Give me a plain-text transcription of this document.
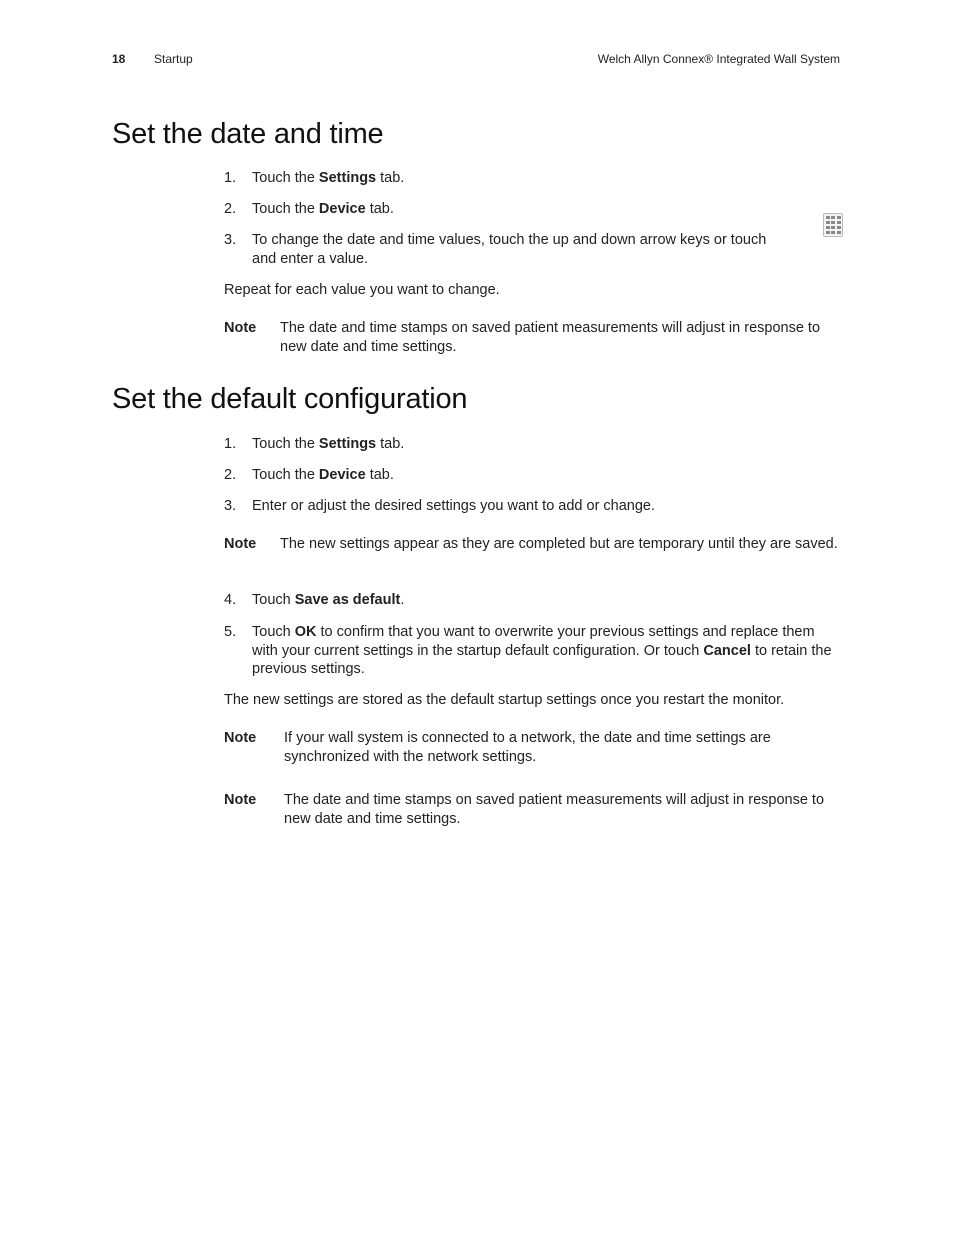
18 Startup	Welch Allyn Connex® Integrated Wall System
Set the date and time
1. Touch the Settings tab.
2. Touch the Device tab.
3. To change the date and time values, touch the up and down arrow keys or touch

and enter a value.
Repeat for each value you want to change.
Note	The date and time stamps on saved patient measurements will adjust in response to new date and time settings.
Set the default configuration
1. Touch the Settings tab.
2. Touch the Device tab.
3. Enter or adjust the desired settings you want to add or change.
Note	The new settings appear as they are completed but are temporary until they are saved.
4. Touch Save as default.
5. Touch OK to confirm that you want to overwrite your previous settings and replace them with your current settings in the startup default configuration. Or touch Cancel to retain the previous settings.
The new settings are stored as the default startup settings once you restart the monitor.
Note	If your wall system is connected to a network, the date and time settings are synchronized with the network settings.
Note	The date and time stamps on saved patient measurements will adjust in response to new date and time settings.
